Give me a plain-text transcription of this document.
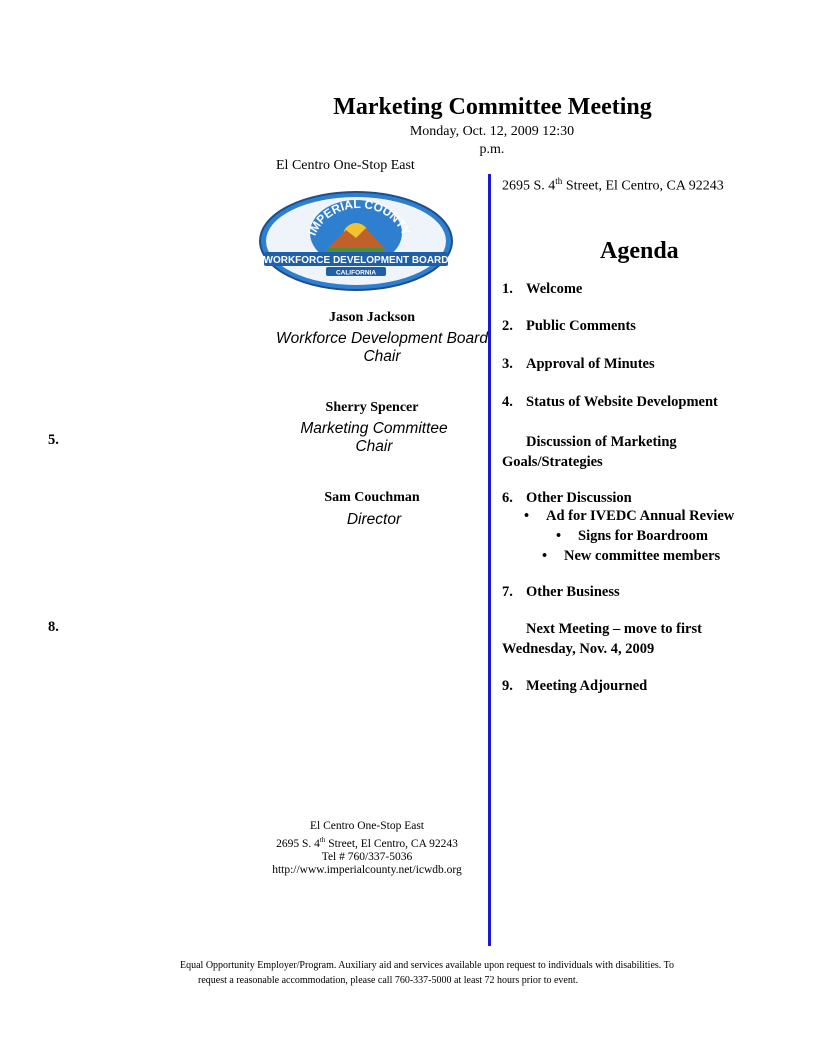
Marketing Committee Meeting
Monday, Oct. 12, 2009 12:30
p.m.
El Centro One-Stop East
2695 S. 4th Street, El Centro, CA 92243
IMPERIAL COUNTY
WORKFORCE DEVELOPMENT BOARD
CALIFORNIA
Jason Jackson
Workforce Development Board
Chair
Sherry Spencer
Marketing Committee
Chair
Sam Couchman
Director
Agenda
1. Welcome
2. Public Comments
3. Approval of Minutes
4. Status of Website Development
5.	Discussion of Marketing
Goals/Strategies
6. Other Discussion
• Ad for IVEDC Annual Review
• Signs for Boardroom
• New committee members
7. Other Business
8.	Next Meeting – move to first
Wednesday, Nov. 4, 2009
9. Meeting Adjourned
El Centro One-Stop East
2695 S. 4th Street, El Centro, CA 92243
Tel # 760/337-5036
http://www.imperialcounty.net/icwdb.org
Equal Opportunity Employer/Program. Auxiliary aid and services available upon request to individuals with disabilities. To
request a reasonable accommodation, please call 760-337-5000 at least 72 hours prior to event.
